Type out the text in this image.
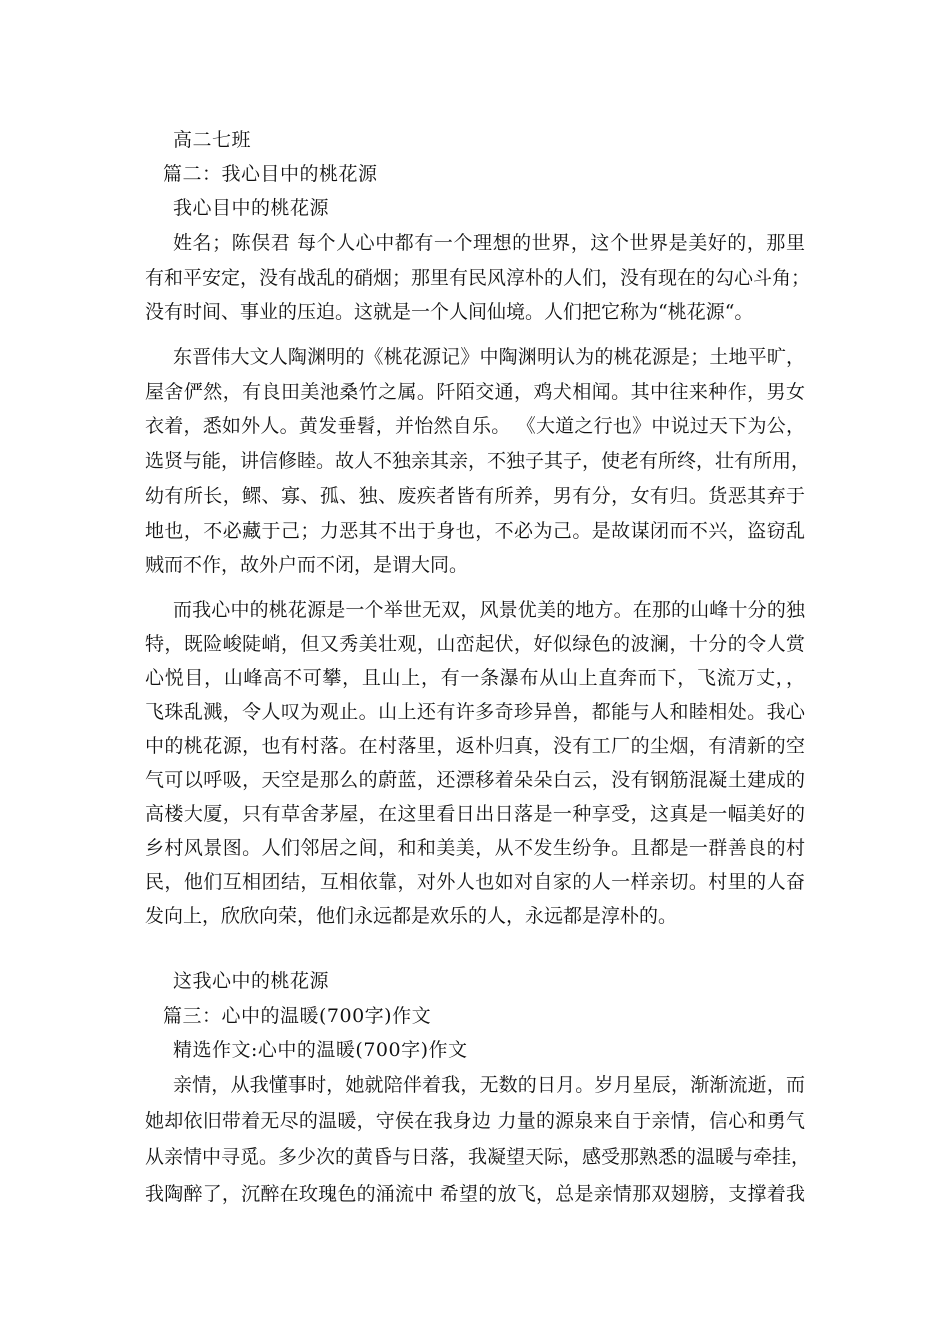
高二七班
篇二：我心目中的桃花源
我心目中的桃花源
姓名；陈俣君 每个人心中都有一个理想的世界，这个世界是美好的，那里
有和平安定，没有战乱的硝烟；那里有民风淳朴的人们，没有现在的勾心斗角；
没有时间、事业的压迫。这就是一个人间仙境。人们把它称为“桃花源“。
东晋伟大文人陶渊明的《桃花源记》中陶渊明认为的桃花源是；土地平旷，
屋舍俨然，有良田美池桑竹之属。阡陌交通，鸡犬相闻。其中往来种作，男女
衣着，悉如外人。黄发垂髫，并怡然自乐。 《大道之行也》中说过天下为公，
选贤与能，讲信修睦。故人不独亲其亲，不独子其子，使老有所终，壮有所用，
幼有所长，鳏、寡、孤、独、废疾者皆有所养，男有分，女有归。货恶其弃于
地也，不必藏于己；力恶其不出于身也，不必为己。是故谋闭而不兴，盗窃乱
贼而不作，故外户而不闭，是谓大同。
而我心中的桃花源是一个举世无双，风景优美的地方。在那的山峰十分的独
特，既险峻陡峭，但又秀美壮观，山峦起伏，好似绿色的波澜，十分的令人赏
心悦目，山峰高不可攀，且山上，有一条瀑布从山上直奔而下，飞流万丈，，
飞珠乱溅，令人叹为观止。山上还有许多奇珍异兽，都能与人和睦相处。我心
中的桃花源，也有村落。在村落里，返朴归真，没有工厂的尘烟，有清新的空
气可以呼吸，天空是那么的蔚蓝，还漂移着朵朵白云，没有钢筋混凝土建成的
高楼大厦，只有草舍茅屋，在这里看日出日落是一种享受，这真是一幅美好的
乡村风景图。人们邻居之间，和和美美，从不发生纷争。且都是一群善良的村
民，他们互相团结，互相依靠，对外人也如对自家的人一样亲切。村里的人奋
发向上，欣欣向荣，他们永远都是欢乐的人，永远都是淳朴的。
这我心中的桃花源
篇三：心中的温暖(700字)作文
精选作文:心中的温暖(700字)作文
亲情，从我懂事时，她就陪伴着我，无数的日月。岁月星辰，渐渐流逝，而
她却依旧带着无尽的温暖，守侯在我身边 力量的源泉来自于亲情，信心和勇气
从亲情中寻觅。多少次的黄昏与日落，我凝望天际，感受那熟悉的温暖与牵挂，
我陶醉了，沉醉在玫瑰色的涌流中 希望的放飞，总是亲情那双翅膀，支撑着我
